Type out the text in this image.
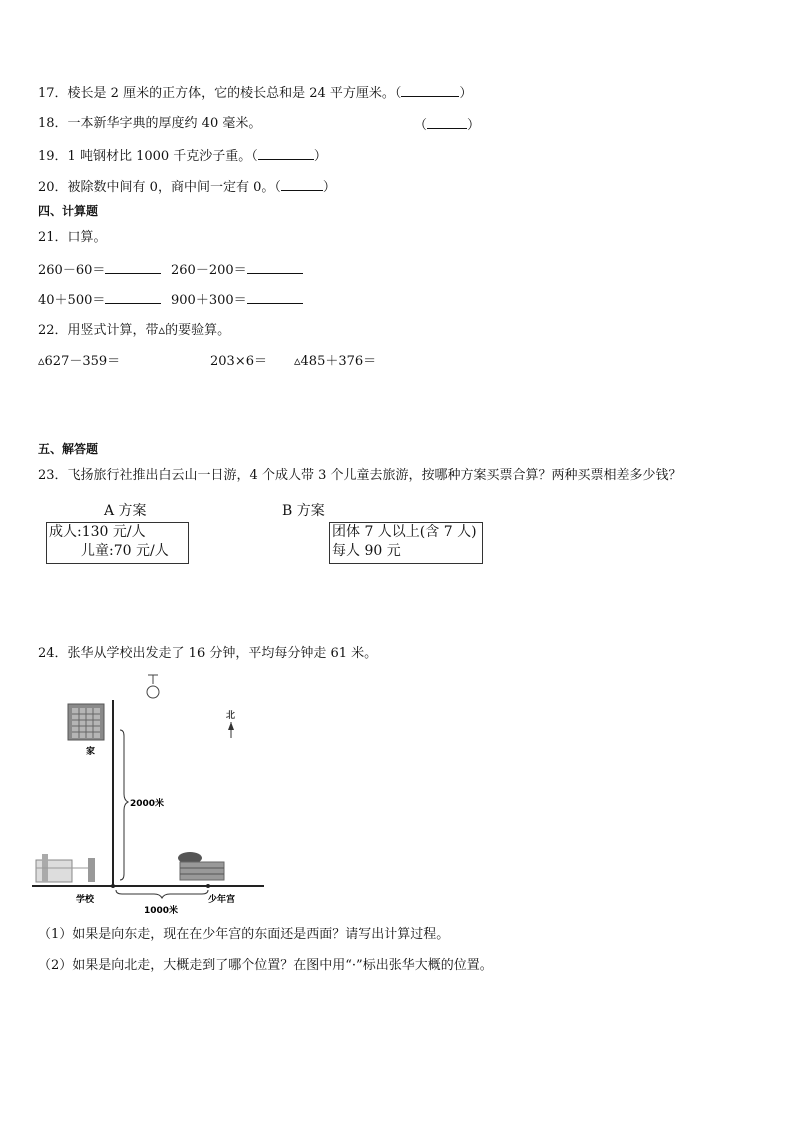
17．棱长是 2 厘米的正方体，它的棱长总和是 24 平方厘米。（	）
18．一本新华字典的厚度约 40 毫米。	（	）
19．1 吨钢材比 1000 千克沙子重。（	）
20．被除数中间有 0，商中间一定有 0。（	）
四、计算题
21．口算。
260－60＝	260－200＝
40＋500＝	900＋300＝
22．用竖式计算，带▵的要验算。
▵627－359＝	203×6＝ ▵485＋376＝
五、解答题
23．飞扬旅行社推出白云山一日游，4 个成人带 3 个儿童去旅游，按哪种方案买票合算？两种买票相差多少钱？
A 方案
成人:130 元/人
儿童:70 元/人
B 方案
团体 7 人以上(含 7 人)
每人 90 元
24．张华从学校出发走了 16 分钟，平均每分钟走 61 米。
北
家
2000米
学校	少年宫
1000米
（1）如果是向东走，现在在少年宫的东面还是西面？请写出计算过程。
（2）如果是向北走，大概走到了哪个位置？在图中用“·”标出张华大概的位置。
